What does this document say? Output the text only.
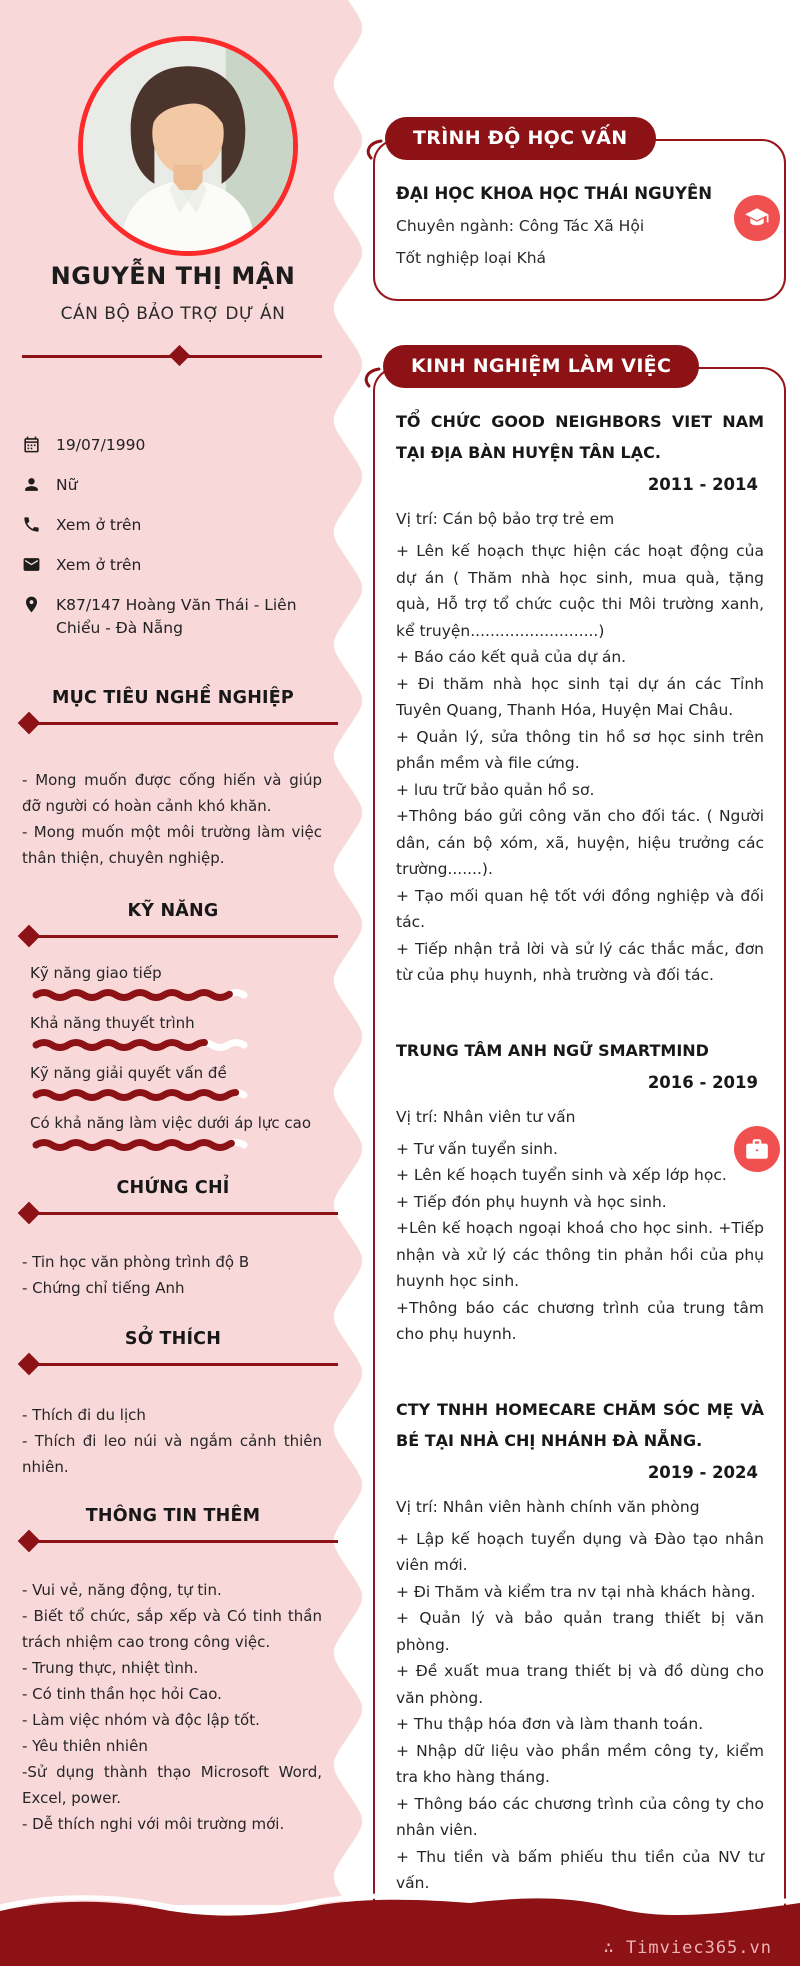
NGUYỄN THỊ MẬN
CÁN BỘ BẢO TRỢ DỰ ÁN
19/07/1990
Nữ
Xem ở trên
Xem ở trên
K87/147 Hoàng Văn Thái - Liên Chiểu - Đà Nẵng
MỤC TIÊU NGHỀ NGHIỆP

- Mong muốn được cống hiến và giúp đỡ người có hoàn cảnh khó khăn.

- Mong muốn một môi trường làm việc thân thiện, chuyên nghiệp.

KỸ NĂNG
Kỹ năng giao tiếp
Khả năng thuyết trình
Kỹ năng giải quyết vấn đề
Có khả năng làm việc dưới áp lực cao
CHỨNG CHỈ

- Tin học văn phòng trình độ B

- Chứng chỉ tiếng Anh

SỞ THÍCH

- Thích đi du lịch

- Thích đi leo núi và ngắm cảnh thiên nhiên.

THÔNG TIN THÊM

- Vui vẻ, năng động, tự tin.

- Biết tổ chức, sắp xếp và Có tinh thần trách nhiệm cao trong công việc.

- Trung thực, nhiệt tình.

- Có tinh thần học hỏi Cao.

- Làm việc nhóm và độc lập tốt.

- Yêu thiên nhiên

-Sử dụng thành thạo Microsoft Word, Excel, power.

- Dễ thích nghi với môi trường mới.

TRÌNH ĐỘ HỌC VẤN
ĐẠI HỌC KHOA HỌC THÁI NGUYÊN
Chuyên ngành: Công Tác Xã Hội
Tốt nghiệp loại Khá
KINH NGHIỆM LÀM VIỆC

TỔ CHỨC GOOD NEIGHBORS VIET NAM TẠI ĐỊA BÀN HUYỆN TÂN LẠC.

2011 - 2014
Vị trí: Cán bộ bảo trợ trẻ em

+ Lên kế hoạch thực hiện các hoạt động của dự án ( Thăm nhà học sinh, mua quà, tặng quà, Hỗ trợ tổ chức cuộc thi Môi trường xanh, kể truyện..........................)

+ Báo cáo kết quả của dự án.

+ Đi thăm nhà học sinh tại dự án các Tỉnh Tuyên Quang, Thanh Hóa, Huyện Mai Châu.

+ Quản lý, sửa thông tin hồ sơ học sinh trên phần mềm và file cứng.

+ lưu trữ bảo quản hồ sơ.

+Thông báo gửi công văn cho đối tác. ( Người dân, cán bộ xóm, xã, huyện, hiệu trưởng các trường.......).

+ Tạo mối quan hệ tốt với đồng nghiệp và đối tác.

+ Tiếp nhận trả lời và sử lý các thắc mắc, đơn từ của phụ huynh, nhà trường và đối tác.

TRUNG TÂM ANH NGỮ SMARTMIND

2016 - 2019
Vị trí: Nhân viên tư vấn

+ Tư vấn tuyển sinh.

+ Lên kế hoạch tuyển sinh và xếp lớp học.

+ Tiếp đón phụ huynh và học sinh.

+Lên kế hoạch ngoại khoá cho học sinh. +Tiếp nhận và xử lý các thông tin phản hồi của phụ huynh học sinh.

+Thông báo các chương trình của trung tâm cho phụ huynh.

CTY TNHH HOMECARE CHĂM SÓC MẸ VÀ BÉ TẠI NHÀ CHỊ NHÁNH ĐÀ NẴNG.

2019 - 2024
Vị trí: Nhân viên hành chính văn phòng

+ Lập kế hoạch tuyển dụng và Đào tạo nhân viên mới.

+ Đi Thăm và kiểm tra nv tại nhà khách hàng.

+ Quản lý và bảo quản trang thiết bị văn phòng.

+ Đề xuất mua trang thiết bị và đồ dùng cho văn phòng.

+ Thu thập hóa đơn và làm thanh toán.

+ Nhập dữ liệu vào phần mềm công ty, kiểm tra kho hàng tháng.

+ Thông báo các chương trình của công ty cho nhân viên.

+ Thu tiền và bấm phiếu thu tiền của NV tư vấn.

∴ Timviec365.vn
